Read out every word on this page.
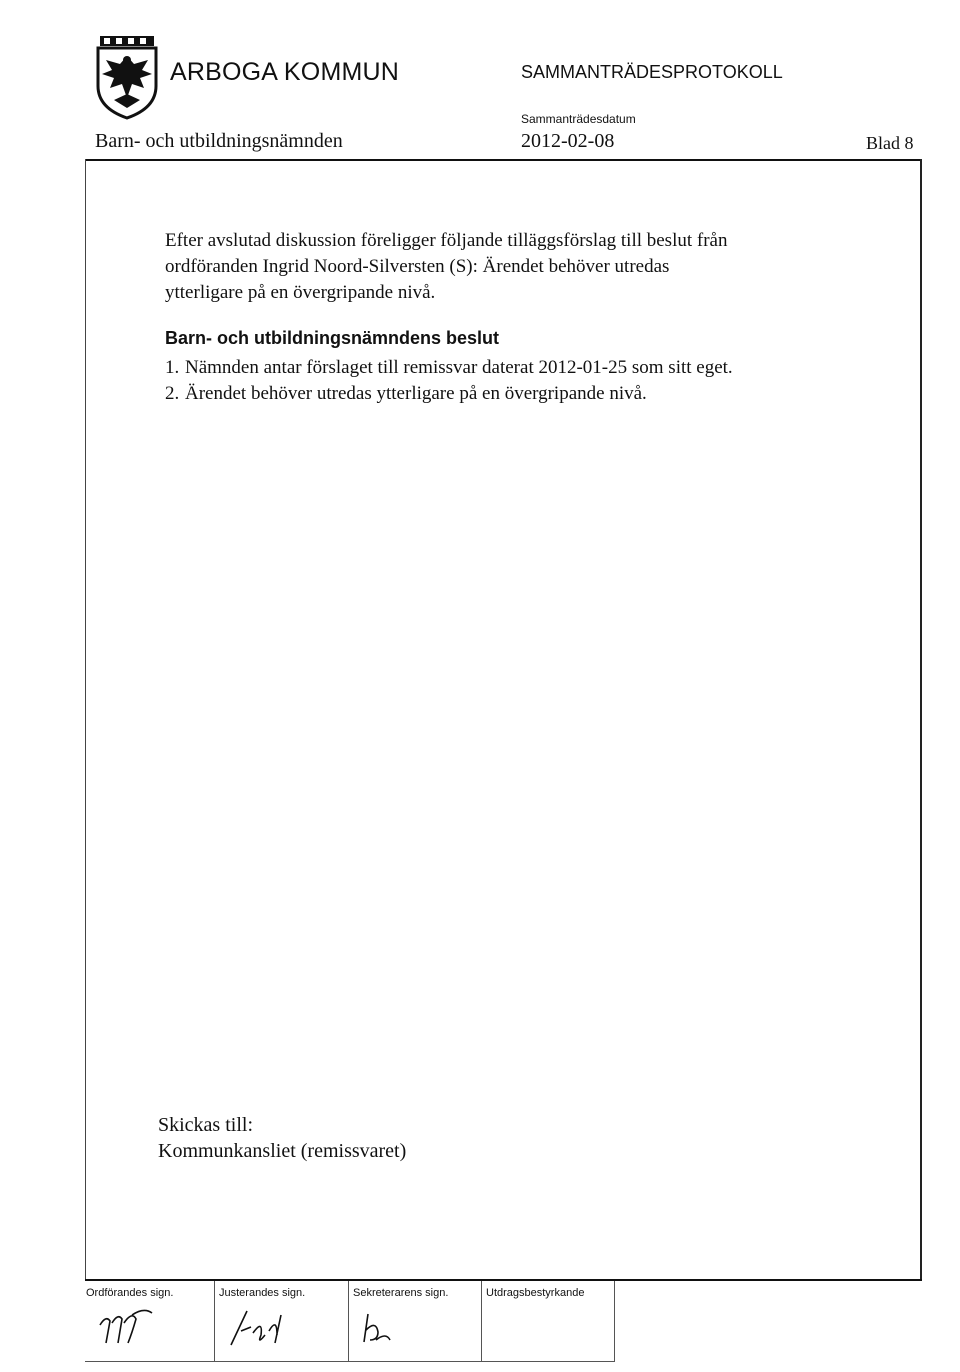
ARBOGA KOMMUN	SAMMANTRÄDESPROTOKOLL
Sammanträdesdatum
Barn- och utbildningsnämnden	2012-02-08	Blad 8
Efter avslutad diskussion föreligger följande tilläggsförslag till beslut från
ordföranden Ingrid Noord-Silversten (S): Ärendet behöver utredas
ytterligare på en övergripande nivå.
Barn- och utbildningsnämndens beslut
1. Nämnden antar förslaget till remissvar daterat 2012-01-25 som sitt eget.
2. Ärendet behöver utredas ytterligare på en övergripande nivå.
Skickas till:
Kommunkansliet (remissvaret)
Ordförandes sign.	Justerandes sign.	Sekreterarens sign.	Utdragsbestyrkande
